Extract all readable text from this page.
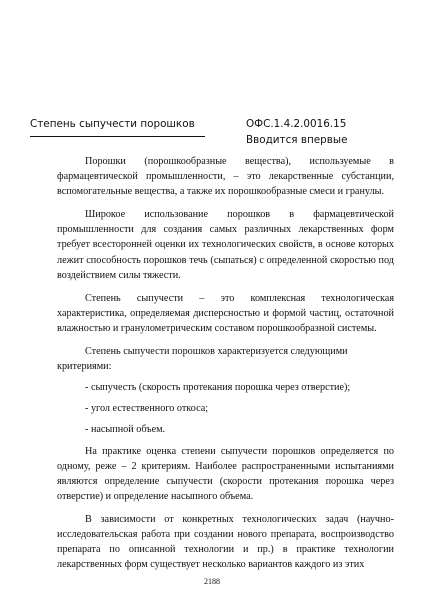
Степень сыпучести порошков	ОФС.1.4.2.0016.15
Вводится впервые

Порошки (порошкообразные вещества), используемые в фармацевтической промышленности, – это лекарственные субстанции, вспомогательные вещества, а также их порошкообразные смеси и гранулы.

Широкое использование порошков в фармацевтической промышленности для создания самых различных лекарственных форм требует всесторонней оценки их технологических свойств, в основе которых лежит способность порошков течь (сыпаться) с определенной скоростью под воздействием силы тяжести.

Степень сыпучести – это комплексная технологическая характеристика, определяемая дисперсностью и формой частиц, остаточной влажностью и гранулометрическим составом порошкообразной системы.

Степень сыпучести порошков характеризуется следующими критериями:

- сыпучесть (скорость протекания порошка через отверстие);

- угол естественного откоса;

- насыпной объем.

На практике оценка степени сыпучести порошков определяется по одному, реже – 2 критериям. Наиболее распространенными испытаниями являются определение сыпучести (скорости протекания порошка через отверстие) и определение насыпного объема.

В зависимости от конкретных технологических задач (научно-исследовательская работа при создании нового препарата, воспроизводство препарата по описанной технологии и пр.) в практике технологии лекарственных форм существует несколько вариантов каждого из этих

2188
